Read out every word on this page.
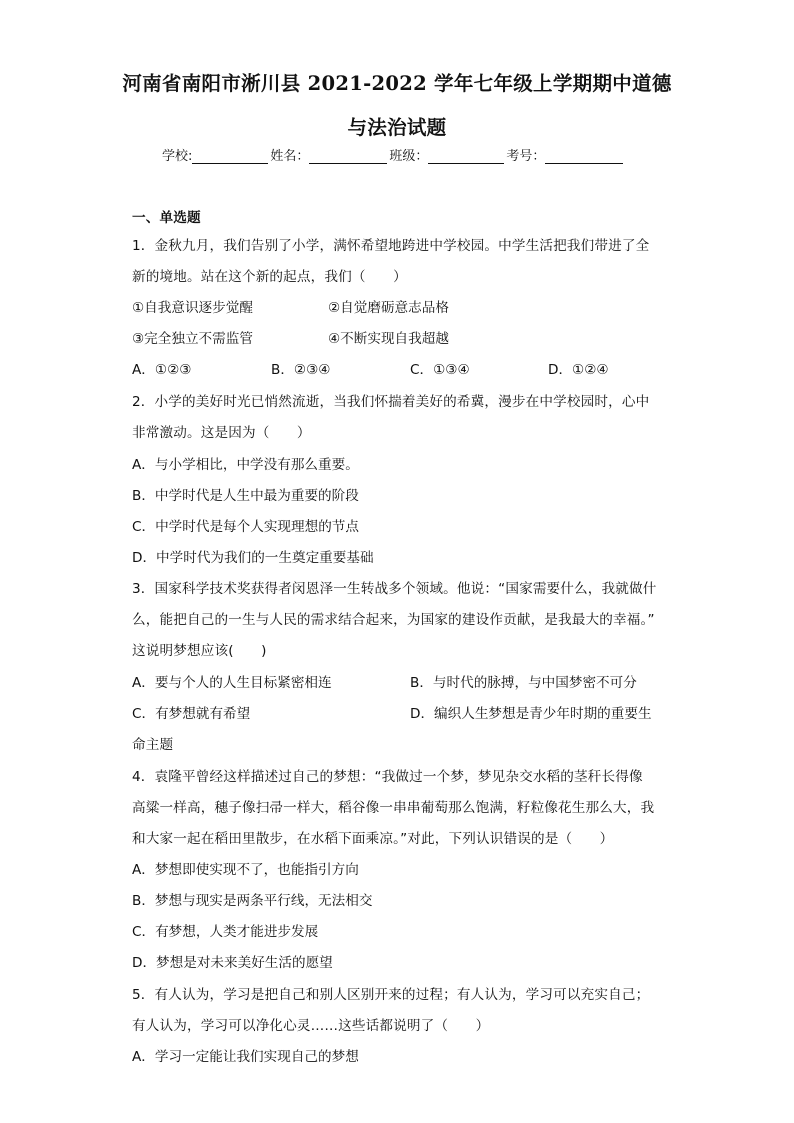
河南省南阳市淅川县 2021-2022 学年七年级上学期期中道德
与法治试题
学校:	姓名：	班级：	考号：
一、单选题
1．金秋九月，我们告别了小学，满怀希望地跨进中学校园。中学生活把我们带进了全
新的境地。站在这个新的起点，我们（　　）
①自我意识逐步觉醒	②自觉磨砺意志品格
③完全独立不需监管	④不断实现自我超越
A．①②③	B．②③④	C．①③④	D．①②④
2．小学的美好时光已悄然流逝，当我们怀揣着美好的希冀，漫步在中学校园时，心中
非常激动。这是因为（　　）
A．与小学相比，中学没有那么重要。
B．中学时代是人生中最为重要的阶段
C．中学时代是每个人实现理想的节点
D．中学时代为我们的一生奠定重要基础
3．国家科学技术奖获得者闵恩泽一生转战多个领域。他说：“国家需要什么，我就做什
么，能把自己的一生与人民的需求结合起来，为国家的建设作贡献，是我最大的幸福。”
这说明梦想应该(　　)
A．要与个人的人生目标紧密相连	B．与时代的脉搏，与中国梦密不可分
C．有梦想就有希望	D．编织人生梦想是青少年时期的重要生
命主题
4．袁隆平曾经这样描述过自己的梦想：“我做过一个梦，梦见杂交水稻的茎秆长得像
高粱一样高，穗子像扫帚一样大，稻谷像一串串葡萄那么饱满，籽粒像花生那么大，我
和大家一起在稻田里散步，在水稻下面乘凉。”对此，下列认识错误的是（　　）
A．梦想即使实现不了，也能指引方向
B．梦想与现实是两条平行线，无法相交
C．有梦想，人类才能进步发展
D．梦想是对未来美好生活的愿望
5．有人认为，学习是把自己和别人区别开来的过程；有人认为，学习可以充实自己；
有人认为，学习可以净化心灵……这些话都说明了（　　）
A．学习一定能让我们实现自己的梦想
